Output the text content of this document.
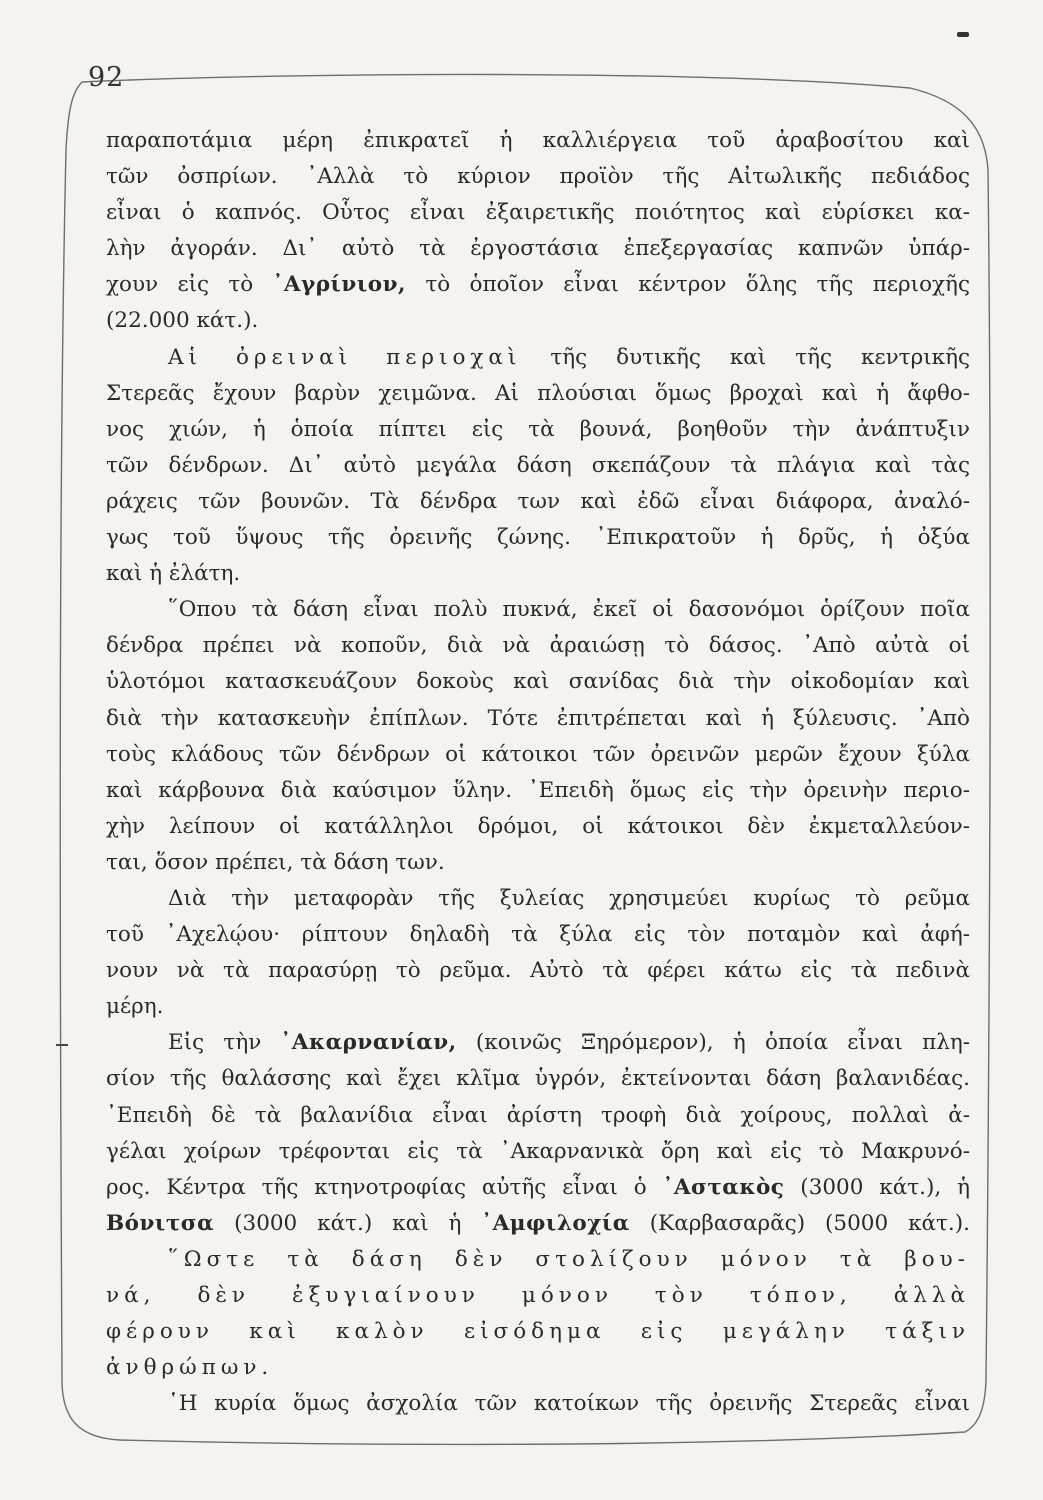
92
παραποτάμια μέρη ἐπικρατεῖ ἡ καλλιέργεια τοῦ ἀραβοσίτου καὶ
τῶν ὀσπρίων. ᾿Αλλὰ τὸ κύριον προϊὸν τῆς Αἰτωλικῆς πεδιάδος
εἶναι ὁ καπνός. Οὗτος εἶναι ἐξαιρετικῆς ποιότητος καὶ εὑρίσκει κα-
λὴν ἀγοράν. Δι᾿ αὐτὸ τὰ ἐργοστάσια ἐπεξεργασίας καπνῶν ὑπάρ-
χουν εἰς τὸ ᾿Αγρίνιον, τὸ ὁποῖον εἶναι κέντρον ὅλης τῆς περιοχῆς
(22.000 κάτ.).
Αἱ ὀρειναὶ περιοχαὶ τῆς δυτικῆς καὶ τῆς κεντρικῆς
Στερεᾶς ἔχουν βαρὺν χειμῶνα. Αἱ πλούσιαι ὅμως βροχαὶ καὶ ἡ ἄφθο-
νος χιών, ἡ ὁποία πίπτει εἰς τὰ βουνά, βοηθοῦν τὴν ἀνάπτυξιν
τῶν δένδρων. Δι᾿ αὐτὸ μεγάλα δάση σκεπάζουν τὰ πλάγια καὶ τὰς
ράχεις τῶν βουνῶν. Τὰ δένδρα των καὶ ἐδῶ εἶναι διάφορα, ἀναλό-
γως τοῦ ὕψους τῆς ὀρεινῆς ζώνης. ᾿Επικρατοῦν ἡ δρῦς, ἡ ὀξύα
καὶ ἡ ἐλάτη.
῞Οπου τὰ δάση εἶναι πολὺ πυκνά, ἐκεῖ οἱ δασονόμοι ὁρίζουν ποῖα
δένδρα πρέπει νὰ κοποῦν, διὰ νὰ ἀραιώσῃ τὸ δάσος. ᾿Απὸ αὐτὰ οἱ
ὑλοτόμοι κατασκευάζουν δοκοὺς καὶ σανίδας διὰ τὴν οἰκοδομίαν καὶ
διὰ τὴν κατασκευὴν ἐπίπλων. Τότε ἐπιτρέπεται καὶ ἡ ξύλευσις. ᾿Απὸ
τοὺς κλάδους τῶν δένδρων οἱ κάτοικοι τῶν ὀρεινῶν μερῶν ἔχουν ξύλα
καὶ κάρβουνα διὰ καύσιμον ὕλην. ᾿Επειδὴ ὅμως εἰς τὴν ὀρεινὴν περιο-
χὴν λείπουν οἱ κατάλληλοι δρόμοι, οἱ κάτοικοι δὲν ἐκμεταλλεύον-
ται, ὅσον πρέπει, τὰ δάση των.
Διὰ τὴν μεταφορὰν τῆς ξυλείας χρησιμεύει κυρίως τὸ ρεῦμα
τοῦ ᾿Αχελῴου· ρίπτουν δηλαδὴ τὰ ξύλα εἰς τὸν ποταμὸν καὶ ἀφή-
νουν νὰ τὰ παρασύρῃ τὸ ρεῦμα. Αὐτὸ τὰ φέρει κάτω εἰς τὰ πεδινὰ
μέρη.
Εἰς τὴν ᾿Ακαρνανίαν, (κοινῶς Ξηρόμερον), ἡ ὁποία εἶναι πλη-
σίον τῆς θαλάσσης καὶ ἔχει κλῖμα ὑγρόν, ἐκτείνονται δάση βαλανιδέας.
᾿Επειδὴ δὲ τὰ βαλανίδια εἶναι ἀρίστη τροφὴ διὰ χοίρους, πολλαὶ ἀ-
γέλαι χοίρων τρέφονται εἰς τὰ ᾿Ακαρνανικὰ ὄρη καὶ εἰς τὸ Μακρυνό-
ρος. Κέντρα τῆς κτηνοτροφίας αὐτῆς εἶναι ὁ ᾿Αστακὸς (3000 κάτ.), ἡ
Βόνιτσα (3000 κάτ.) καὶ ἡ ᾿Αμφιλοχία (Καρβασαρᾶς) (5000 κάτ.).
῞Ωστε τὰ δάση δὲν στολίζουν μόνον τὰ βου-
νά, δὲν ἐξυγιαίνουν μόνον τὸν τόπον, ἀλλὰ
φέρουν καὶ καλὸν εἰσόδημα εἰς μεγάλην τάξιν
ἀνθρώπων.
῾Η κυρία ὅμως ἀσχολία τῶν κατοίκων τῆς ὀρεινῆς Στερεᾶς εἶναι
